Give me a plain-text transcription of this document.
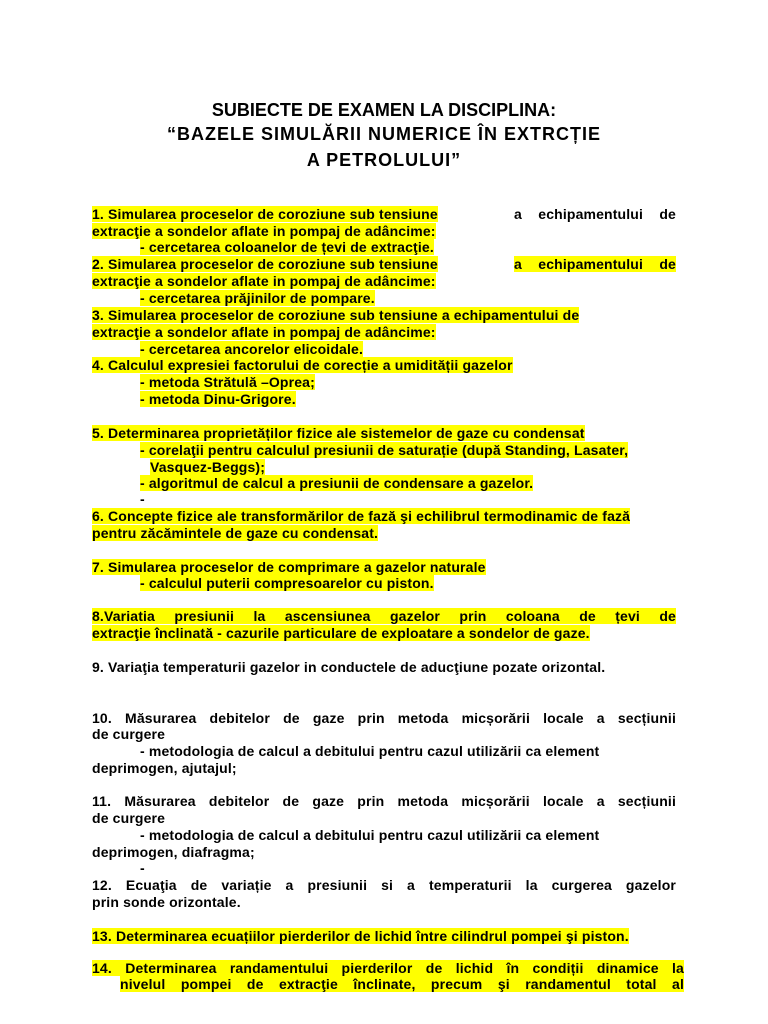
SUBIECTE DE EXAMEN LA DISCIPLINA:
“BAZELE SIMULĂRII NUMERICE ÎN EXTRCȚIE
A PETROLULUI”
1. Simularea proceselor de coroziune sub tensiune	a echipamentului de
extracţie a sondelor aflate in pompaj de adâncime:
- cercetarea coloanelor de țevi de extracţie.
2. Simularea proceselor de coroziune sub tensiune	a echipamentului de
extracţie a sondelor aflate in pompaj de adâncime:
- cercetarea prăjinilor de pompare.
3. Simularea proceselor de coroziune sub tensiune a echipamentului de
extracţie a sondelor aflate in pompaj de adâncime:
- cercetarea ancorelor elicoidale.
4. Calculul expresiei factorului de corecție a umidității gazelor
- metoda Strătulă –Oprea;
- metoda Dinu-Grigore.
5. Determinarea proprietăților fizice ale sistemelor de gaze cu condensat
- corelaţii pentru calculul presiunii de saturație (după Standing, Lasater,
Vasquez-Beggs);
- algoritmul de calcul a presiunii de condensare a gazelor.
-
6. Concepte fizice ale transformărilor de fază şi echilibrul termodinamic de fază
pentru zăcămintele de gaze cu condensat.
7. Simularea proceselor de comprimare a gazelor naturale
- calculul puterii compresoarelor cu piston.
8.Variatia presiunii la ascensiunea gazelor prin coloana de țevi de
extracţie înclinată - cazurile particulare de exploatare a sondelor de gaze.
9. Variaţia temperaturii gazelor in conductele de aducţiune pozate orizontal.
10. Măsurarea debitelor de gaze prin metoda micșorării locale a secțiunii
de curgere
- metodologia de calcul a debitului pentru cazul utilizării ca element
deprimogen, ajutajul;
11. Măsurarea debitelor de gaze prin metoda micșorării locale a secțiunii
de curgere
- metodologia de calcul a debitului pentru cazul utilizării ca element
deprimogen, diafragma;
-
12. Ecuaţia de variație a presiunii si a temperaturii la curgerea gazelor
prin sonde orizontale.
13. Determinarea ecuațiilor pierderilor de lichid între cilindrul pompei şi piston.
14. Determinarea randamentului pierderilor de lichid în condiții dinamice la
nivelul pompei de extracţie înclinate, precum şi randamentul total al
